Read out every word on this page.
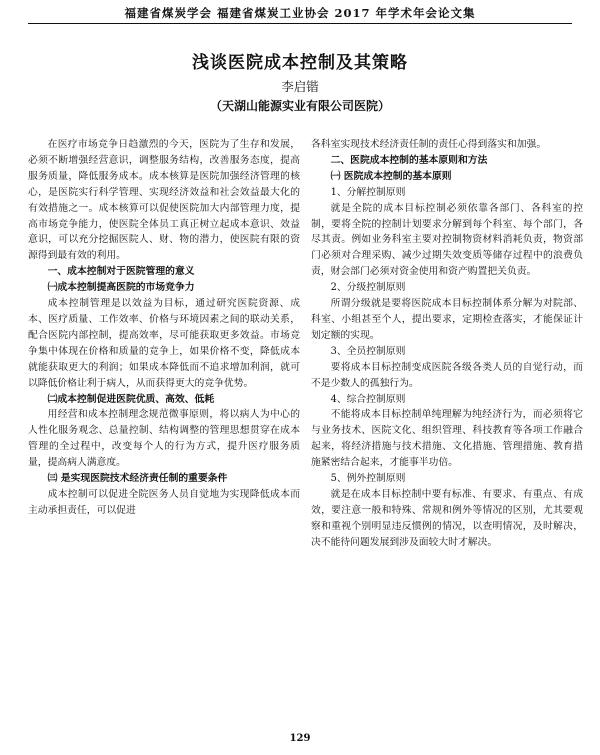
福建省煤炭学会 福建省煤炭工业协会 2017 年学术年会论文集
浅谈医院成本控制及其策略
李启锴
（天湖山能源实业有限公司医院）

在医疗市场竞争日趋激烈的今天，医院为了生存和发展，必须不断增强经营意识，调整服务结构，改善服务态度，提高服务质量，降低服务成本。成本核算是医院加强经济管理的核心，是医院实行科学管理、实现经济效益和社会效益最大化的有效措施之一。成本核算可以促使医院加大内部管理力度，提高市场竞争能力，使医院全体员工真正树立起成本意识、效益意识，可以充分挖掘医院人、财、物的潜力，使医院有限的资源得到最有效的利用。

一、成本控制对于医院管理的意义
㈠成本控制提高医院的市场竞争力

成本控制管理是以效益为目标，通过研究医院资源、成本、医疗质量、工作效率、价格与环境因素之间的联动关系，配合医院内部控制，提高效率，尽可能获取更多效益。市场竞争集中体现在价格和质量的竞争上，如果价格不变，降低成本就能获取更大的利润；如果成本降低而不追求增加利润，就可以降低价格让利于病人，从而获得更大的竞争优势。

㈡成本控制促进医院优质、高效、低耗

用经营和成本控制理念规范微事原则，将以病人为中心的人性化服务观念、总量控制、结构调整的管理思想贯穿在成本管理的全过程中，改变每个人的行为方式，提升医疗服务质量，提高病人满意度。

㈢ 是实现医院技术经济责任制的重要条件

成本控制可以促进全院医务人员自觉地为实现降低成本而主动承担责任，可以促进

各科室实现技术经济责任制的责任心得到落实和加强。

二、医院成本控制的基本原则和方法
㈠ 医院成本控制的基本原则
1、分解控制原则

就是全院的成本目标控制必须依靠各部门、各科室的控制，要将全院的控制计划要求分解到每个科室、每个部门，各尽其责。例如业务科室主要对控制物资材料消耗负责，物资部门必须对合理采购、减少过期失效变质等储存过程中的浪费负责，财会部门必须对资金使用和资产购置把关负责。

2、分级控制原则

所谓分级就是要将医院成本目标控制体系分解为对院部、科室、小组甚至个人，提出要求，定期检查落实，才能保证计划定额的实现。

3、全员控制原则

要将成本目标控制变成医院各级各类人员的自觉行动，而不是少数人的孤独行为。

4、综合控制原则

不能将成本目标控制单纯理解为纯经济行为，而必须将它与业务技术、医院文化、组织管理、科技教育等各项工作融合起来，将经济措施与技术措施、文化措施、管理措施、教育措施紧密结合起来，才能事半功倍。

5、例外控制原则

就是在成本目标控制中要有标准、有要求、有重点、有成效，要注意一般和特殊、常规和例外等情况的区别，尤其要观察和重视个别明显违反惯例的情况，以查明情况，及时解决，决不能待问题发展到涉及面较大时才解决。

129
